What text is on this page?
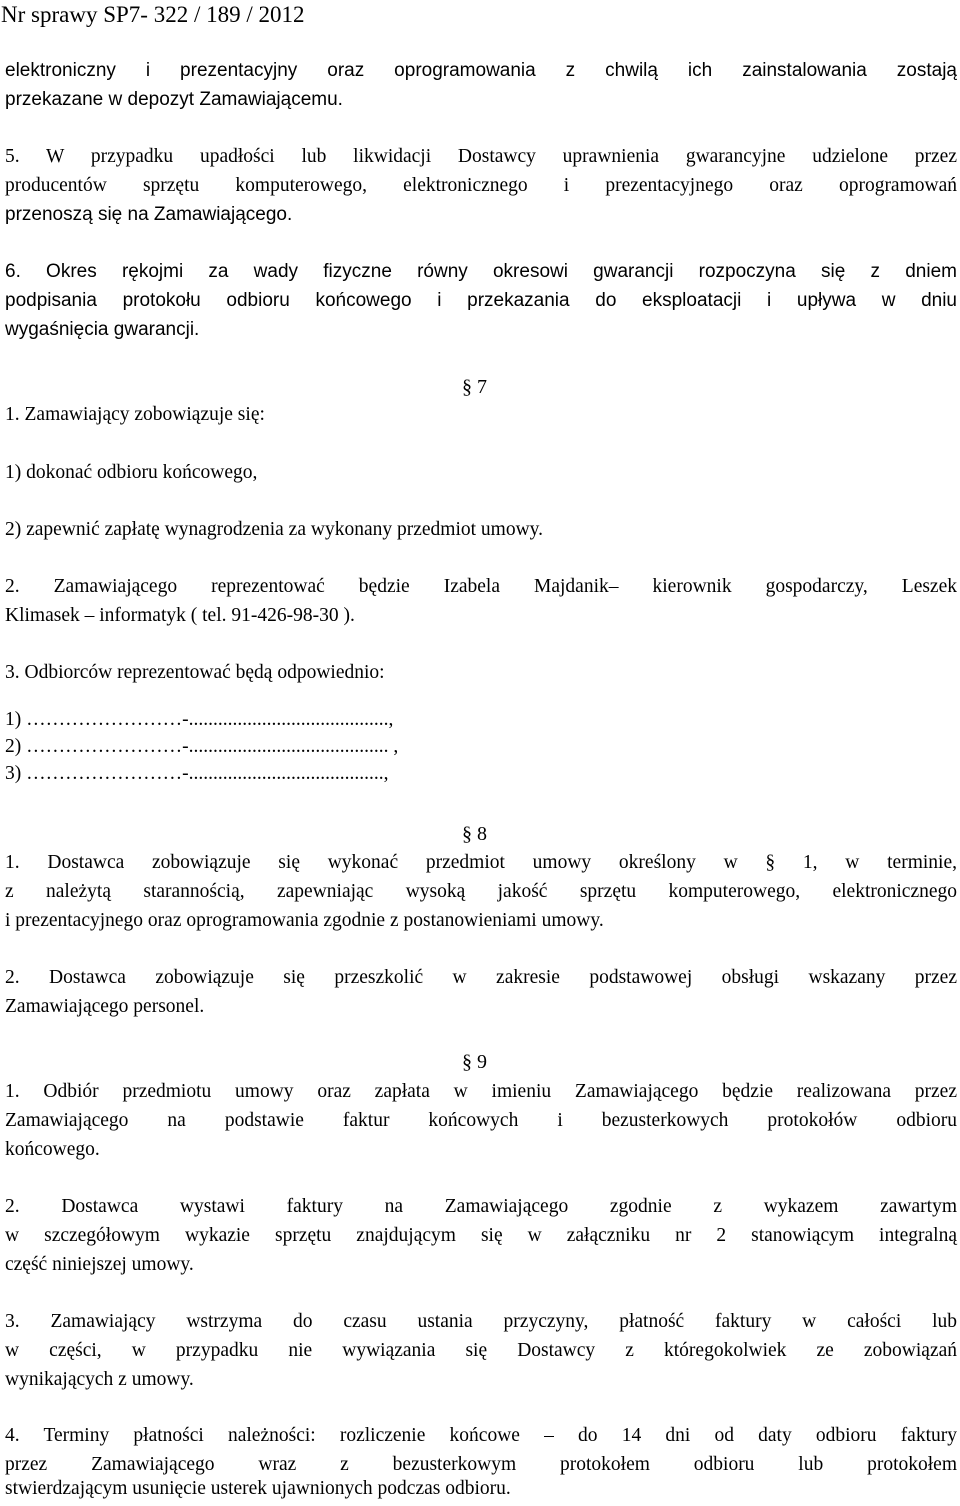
Nr sprawy SP7- 322 / 189 / 2012
elektroniczny i prezentacyjny oraz oprogramowania z chwilą ich zainstalowania zostają
przekazane w depozyt Zamawiającemu.
5. W przypadku upadłości lub likwidacji Dostawcy uprawnienia gwarancyjne udzielone przez
producentów sprzętu komputerowego, elektronicznego i prezentacyjnego oraz oprogramowań
przenoszą się na Zamawiającego.
6. Okres rękojmi za wady fizyczne równy okresowi gwarancji rozpoczyna się z dniem
podpisania protokołu odbioru końcowego i przekazania do eksploatacji i upływa w dniu
wygaśnięcia gwarancji.
§ 7
1. Zamawiający zobowiązuje się:
1) dokonać odbioru końcowego,
2) zapewnić zapłatę wynagrodzenia za wykonany przedmiot umowy.
2. Zamawiającego reprezentować będzie Izabela Majdanik– kierownik gospodarczy, Leszek
Klimasek – informatyk ( tel. 91-426-98-30 ).
3. Odbiorców reprezentować będą odpowiednio:
1) ……………………-.........................................,
2) ……………………-......................................... ,
3) ……………………-........................................,
§ 8
1. Dostawca zobowiązuje się wykonać przedmiot umowy określony w § 1, w terminie,
z należytą starannością, zapewniając wysoką jakość sprzętu komputerowego, elektronicznego
i prezentacyjnego oraz oprogramowania zgodnie z postanowieniami umowy.
2. Dostawca zobowiązuje się przeszkolić w zakresie podstawowej obsługi wskazany przez
Zamawiającego personel.
§ 9
1. Odbiór przedmiotu umowy oraz zapłata w imieniu Zamawiającego będzie realizowana przez
Zamawiającego na podstawie faktur końcowych i bezusterkowych protokołów odbioru
końcowego.
2. Dostawca wystawi faktury na Zamawiającego zgodnie z wykazem zawartym
w szczegółowym wykazie sprzętu znajdującym się w załączniku nr 2 stanowiącym integralną
część niniejszej umowy.
3. Zamawiający wstrzyma do czasu ustania przyczyny, płatność faktury w całości lub
w części, w przypadku nie wywiązania się Dostawcy z któregokolwiek ze zobowiązań
wynikających z umowy.
4. Terminy płatności należności: rozliczenie końcowe – do 14 dni od daty odbioru faktury
przez Zamawiającego wraz z bezusterkowym protokołem odbioru lub protokołem
stwierdzającym usunięcie usterek ujawnionych podczas odbioru.
